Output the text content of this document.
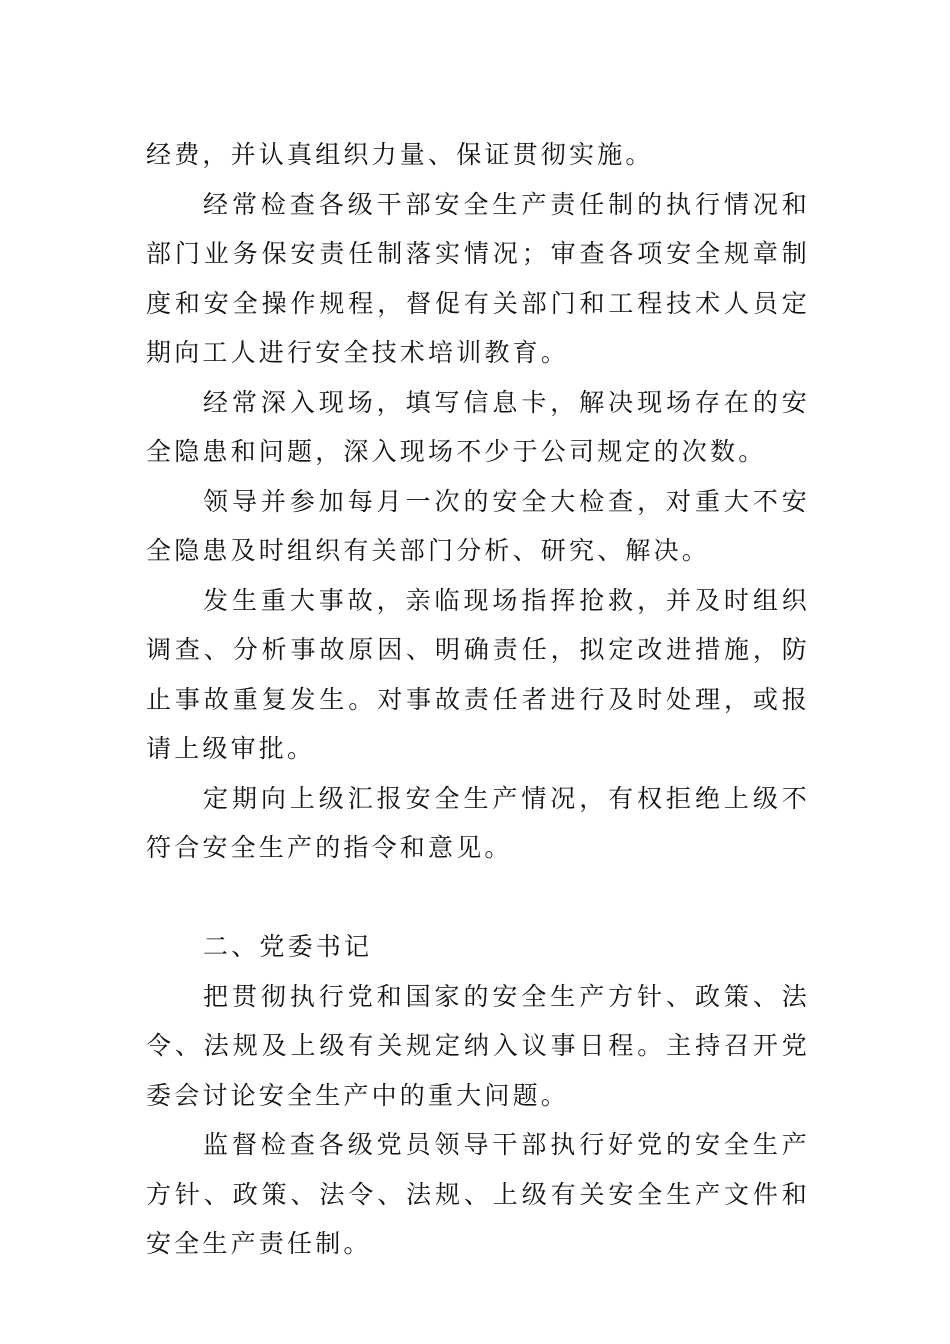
经费，并认真组织力量、保证贯彻实施。

经常检查各级干部安全生产责任制的执行情况和部门业务保安责任制落实情况；审查各项安全规章制度和安全操作规程，督促有关部门和工程技术人员定期向工人进行安全技术培训教育。

经常深入现场，填写信息卡，解决现场存在的安全隐患和问题，深入现场不少于公司规定的次数。

领导并参加每月一次的安全大检查，对重大不安全隐患及时组织有关部门分析、研究、解决。

发生重大事故，亲临现场指挥抢救，并及时组织调查、分析事故原因、明确责任，拟定改进措施，防止事故重复发生。对事故责任者进行及时处理，或报请上级审批。

定期向上级汇报安全生产情况，有权拒绝上级不符合安全生产的指令和意见。

二、党委书记

把贯彻执行党和国家的安全生产方针、政策、法令、法规及上级有关规定纳入议事日程。主持召开党委会讨论安全生产中的重大问题。

监督检查各级党员领导干部执行好党的安全生产方针、政策、法令、法规、上级有关安全生产文件和安全生产责任制。
